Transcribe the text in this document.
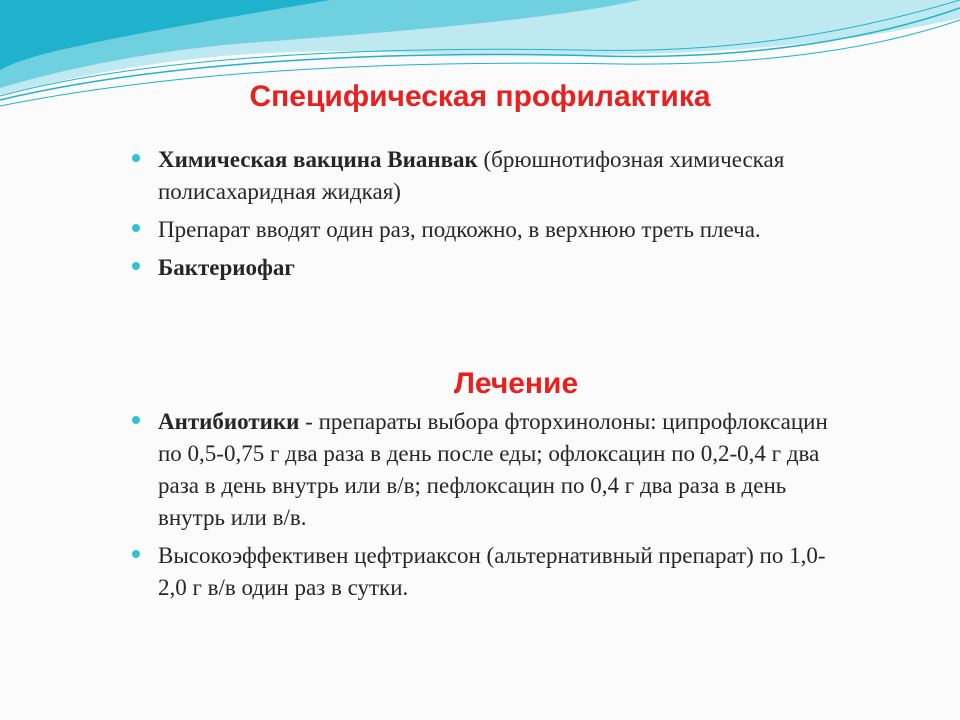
Специфическая профилактика
Химическая вакцина Вианвак (брюшнотифозная химическая полисахаридная жидкая)
Препарат вводят один раз, подкожно, в верхнюю треть плеча.
Бактериофаг
Лечение
Антибиотики - препараты выбора фторхинолоны: ципрофлоксацин по 0,5-0,75 г два раза в день после еды; офлоксацин по 0,2-0,4 г два раза в день внутрь или в/в; пефлоксацин по 0,4 г два раза в день внутрь или в/в.
Высокоэффективен цефтриаксон (альтернативный препарат) по 1,0-2,0 г в/в один раз в сутки.
